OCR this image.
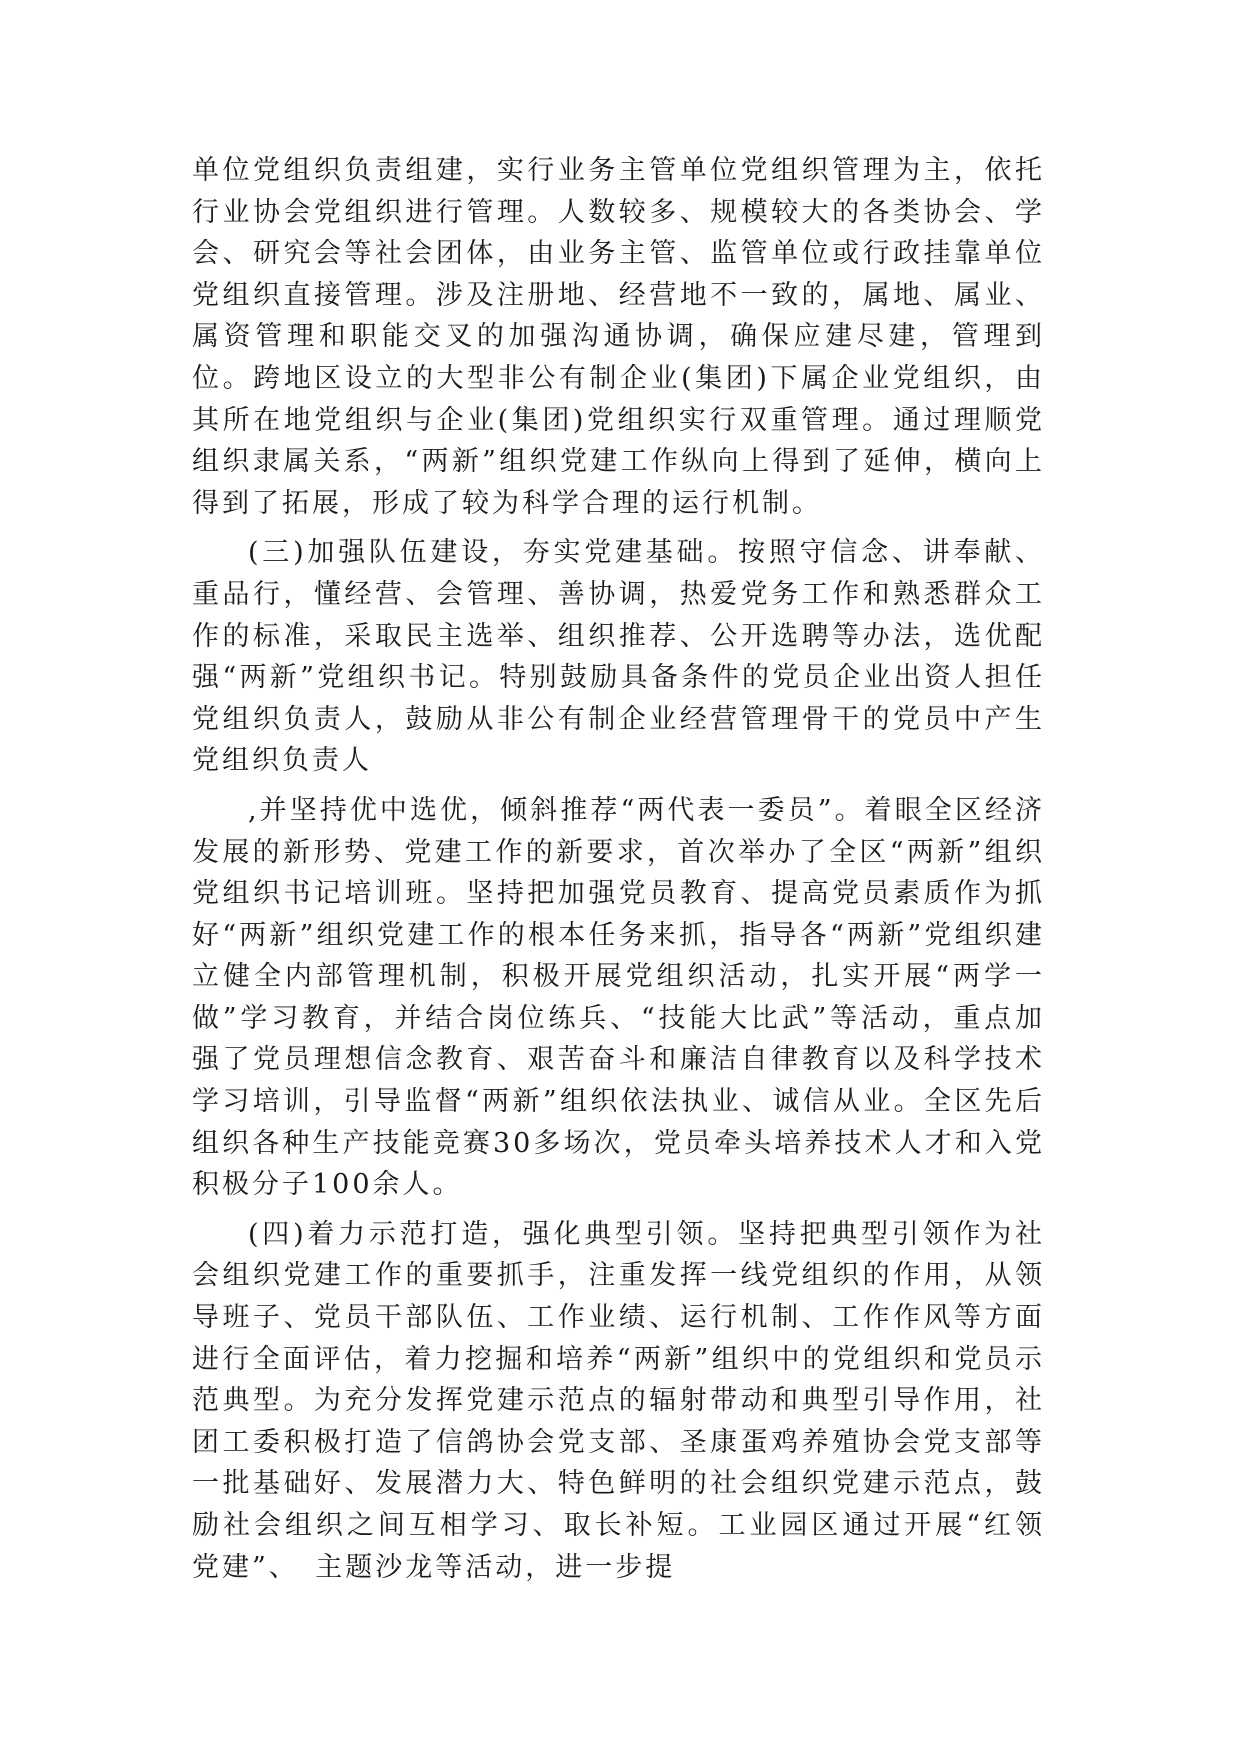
单位党组织负责组建，实行业务主管单位党组织管理为主，依托行业协会党组织进行管理。人数较多、规模较大的各类协会、学会、研究会等社会团体，由业务主管、监管单位或行政挂靠单位党组织直接管理。涉及注册地、经营地不一致的，属地、属业、属资管理和职能交叉的加强沟通协调，确保应建尽建，管理到位。跨地区设立的大型非公有制企业(集团)下属企业党组织，由其所在地党组织与企业(集团)党组织实行双重管理。通过理顺党组织隶属关系，“两新”组织党建工作纵向上得到了延伸，横向上得到了拓展，形成了较为科学合理的运行机制。

(三)加强队伍建设，夯实党建基础。按照守信念、讲奉献、重品行，懂经营、会管理、善协调，热爱党务工作和熟悉群众工作的标准，采取民主选举、组织推荐、公开选聘等办法，选优配强“两新”党组织书记。特别鼓励具备条件的党员企业出资人担任党组织负责人，鼓励从非公有制企业经营管理骨干的党员中产生党组织负责人

,并坚持优中选优，倾斜推荐“两代表一委员”。着眼全区经济发展的新形势、党建工作的新要求，首次举办了全区“两新”组织党组织书记培训班。坚持把加强党员教育、提高党员素质作为抓好“两新”组织党建工作的根本任务来抓，指导各“两新”党组织建立健全内部管理机制，积极开展党组织活动，扎实开展“两学一做”学习教育，并结合岗位练兵、“技能大比武”等活动，重点加强了党员理想信念教育、艰苦奋斗和廉洁自律教育以及科学技术学习培训，引导监督“两新”组织依法执业、诚信从业。全区先后组织各种生产技能竞赛30多场次，党员牵头培养技术人才和入党积极分子100余人。

(四)着力示范打造，强化典型引领。坚持把典型引领作为社会组织党建工作的重要抓手，注重发挥一线党组织的作用，从领导班子、党员干部队伍、工作业绩、运行机制、工作作风等方面进行全面评估，着力挖掘和培养“两新”组织中的党组织和党员示范典型。为充分发挥党建示范点的辐射带动和典型引导作用，社团工委积极打造了信鸽协会党支部、圣康蛋鸡养殖协会党支部等一批基础好、发展潜力大、特色鲜明的社会组织党建示范点，鼓励社会组织之间互相学习、取长补短。工业园区通过开展“红领党建”、　主题沙龙等活动，进一步提
